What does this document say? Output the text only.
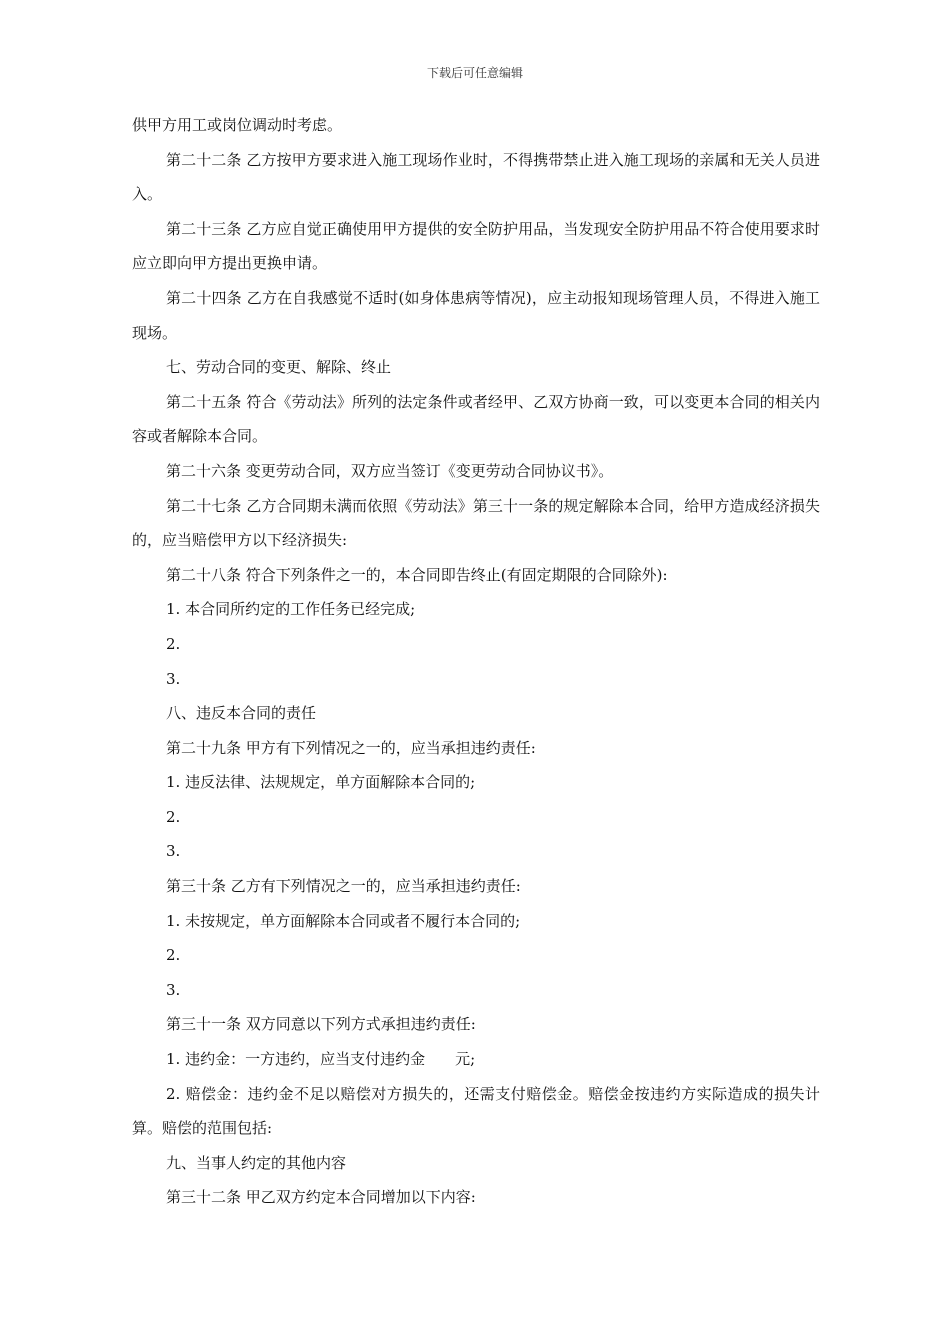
下载后可任意编辑

供甲方用工或岗位调动时考虑。

第二十二条 乙方按甲方要求进入施工现场作业时，不得携带禁止进入施工现场的亲属和无关人员进入。

第二十三条 乙方应自觉正确使用甲方提供的安全防护用品，当发现安全防护用品不符合使用要求时应立即向甲方提出更换申请。

第二十四条 乙方在自我感觉不适时(如身体患病等情况)，应主动报知现场管理人员，不得进入施工现场。

七、劳动合同的变更、解除、终止

第二十五条 符合《劳动法》所列的法定条件或者经甲、乙双方协商一致，可以变更本合同的相关内容或者解除本合同。

第二十六条 变更劳动合同，双方应当签订《变更劳动合同协议书》。

第二十七条 乙方合同期未满而依照《劳动法》第三十一条的规定解除本合同，给甲方造成经济损失的，应当赔偿甲方以下经济损失:

第二十八条 符合下列条件之一的，本合同即告终止(有固定期限的合同除外):

1. 本合同所约定的工作任务已经完成;

2.

3.

八、违反本合同的责任

第二十九条 甲方有下列情况之一的，应当承担违约责任:

1. 违反法律、法规规定，单方面解除本合同的;

2.

3.

第三十条 乙方有下列情况之一的，应当承担违约责任:

1. 未按规定，单方面解除本合同或者不履行本合同的;

2.

3.

第三十一条 双方同意以下列方式承担违约责任:

1. 违约金：一方违约，应当支付违约金　　元;

2. 赔偿金：违约金不足以赔偿对方损失的，还需支付赔偿金。赔偿金按违约方实际造成的损失计算。赔偿的范围包括:

九、当事人约定的其他内容

第三十二条 甲乙双方约定本合同增加以下内容:
